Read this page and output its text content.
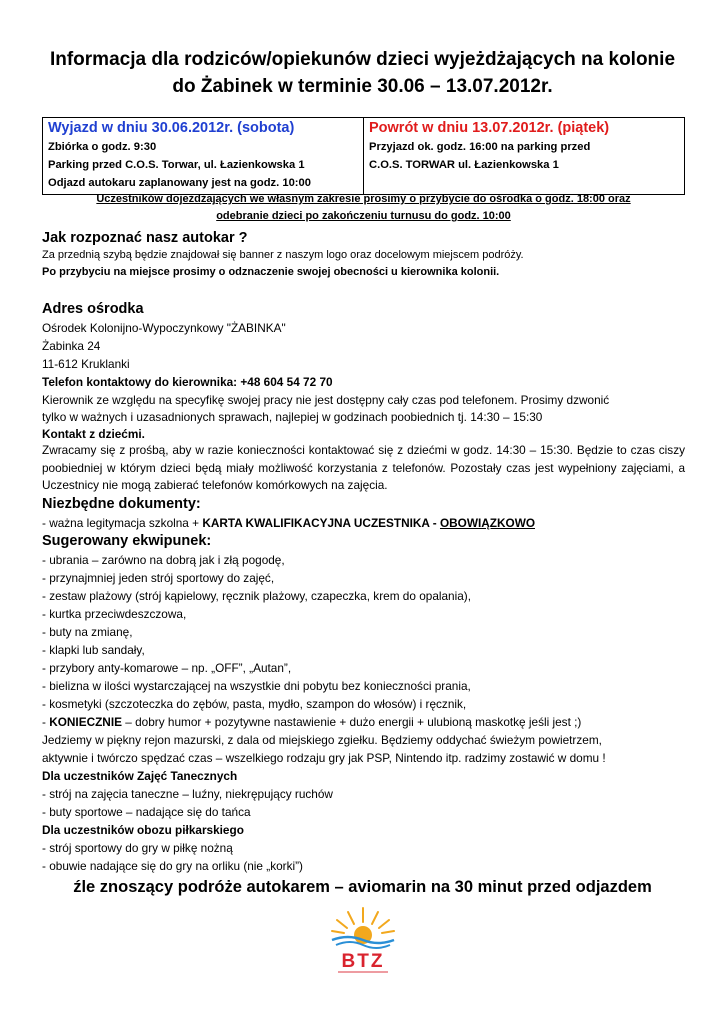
Informacja dla rodziców/opiekunów dzieci wyjeżdżających na kolonie
do Żabinek w terminie 30.06 – 13.07.2012r.
Wyjazd w dniu 30.06.2012r. (sobota)
Zbiórka o godz. 9:30
Parking przed C.O.S. Torwar, ul. Łazienkowska 1
Odjazd autokaru zaplanowany jest na godz. 10:00

Powrót w dniu 13.07.2012r. (piątek)
Przyjazd ok. godz. 16:00 na parking przed
C.O.S. TORWAR ul. Łazienkowska 1
Uczestników dojeżdżających we własnym zakresie prosimy o przybycie do ośrodka o godz. 18:00 oraz
odebranie dzieci po zakończeniu turnusu do godz. 10:00
Jak rozpoznać nasz autokar ?
Za przednią szybą będzie znajdował się banner z naszym logo oraz docelowym miejscem podróży.
Po przybyciu na miejsce prosimy o odznaczenie swojej obecności u kierownika kolonii.
Adres ośrodka
Ośrodek Kolonijno-Wypoczynkowy "ŻABINKA"
Żabinka 24
11-612 Kruklanki
Telefon kontaktowy do kierownika: +48 604 54 72 70
Kierownik ze względu na specyfikę swojej pracy nie jest dostępny cały czas pod telefonem. Prosimy dzwonić
tylko w ważnych i uzasadnionych sprawach, najlepiej w godzinach poobiednich tj. 14:30 – 15:30
Kontakt z dziećmi.
Zwracamy się z prośbą, aby w razie konieczności kontaktować się z dziećmi w godz. 14:30 – 15:30. Będzie to czas ciszy poobiedniej w którym dzieci będą miały możliwość korzystania z telefonów. Pozostały czas jest wypełniony zajęciami, a Uczestnicy nie mogą zabierać telefonów komórkowych na zajęcia.
Niezbędne dokumenty:
- ważna legitymacja szkolna + KARTA KWALIFIKACYJNA UCZESTNIKA - OBOWIĄZKOWO
Sugerowany ekwipunek:
- ubrania – zarówno na dobrą jak i złą pogodę,
- przynajmniej jeden strój sportowy do zajęć,
- zestaw plażowy (strój kąpielowy, ręcznik plażowy, czapeczka, krem do opalania),
- kurtka przeciwdeszczowa,
- buty na zmianę,
- klapki lub sandały,
- przybory anty-komarowe – np. „OFF”, „Autan”,
- bielizna w ilości wystarczającej na wszystkie dni pobytu bez konieczności prania,
- kosmetyki (szczoteczka do zębów, pasta, mydło, szampon do włosów) i ręcznik,
- KONIECZNIE – dobry humor + pozytywne nastawienie + dużo energii + ulubioną maskotkę jeśli jest ;)
Jedziemy w piękny rejon mazurski, z dala od miejskiego zgiełku. Będziemy oddychać świeżym powietrzem,
aktywnie i twórczo spędzać czas – wszelkiego rodzaju gry jak PSP, Nintendo itp. radzimy zostawić w domu !
Dla uczestników Zajęć Tanecznych
- strój na zajęcia taneczne – luźny, niekrępujący ruchów
- buty sportowe – nadające się do tańca
Dla uczestników obozu piłkarskiego
- strój sportowy do gry w piłkę nożną
- obuwie nadające się do gry na orliku (nie „korki”)
źle znoszący podróże autokarem – aviomarin na 30 minut przed odjazdem
BTZ
